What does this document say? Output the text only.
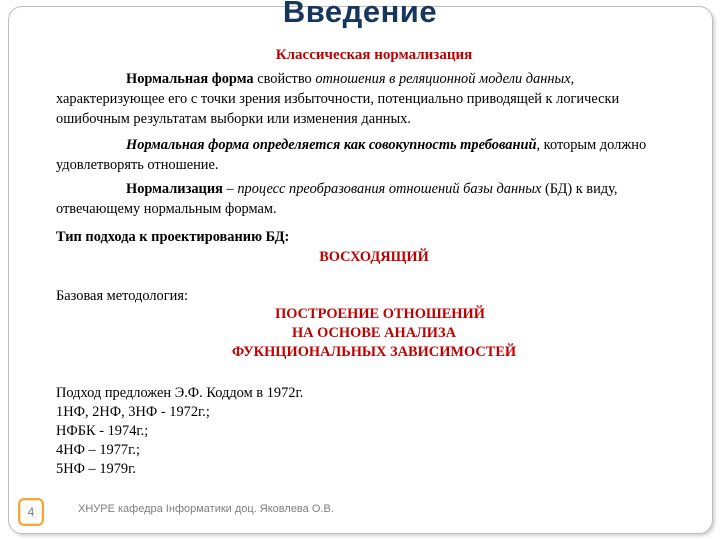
Введение
Классическая нормализация
Нормальная форма свойство отношения в реляционной модели данных, характеризующее его с точки зрения избыточности, потенциально приводящей к логически ошибочным результатам выборки или изменения данных.
Нормальная форма определяется как совокупность требований, которым должно удовлетворять отношение.
Нормализация – процесс преобразования отношений базы данных (БД) к виду, отвечающему нормальным формам.
Тип подхода к проектированию БД:
ВОСХОДЯЩИЙ
Базовая методология:
ПОСТРОЕНИЕ ОТНОШЕНИЙ
НА ОСНОВЕ АНАЛИЗА
ФУКНЦИОНАЛЬНЫХ ЗАВИСИМОСТЕЙ
Подход предложен Э.Ф. Коддом в 1972г.
1НФ, 2НФ, 3НФ - 1972г.;
НФБК - 1974г.;
4НФ – 1977г.;
5НФ – 1979г.
4	ХНУРЕ кафедра Інформатики доц. Яковлева О.В.
